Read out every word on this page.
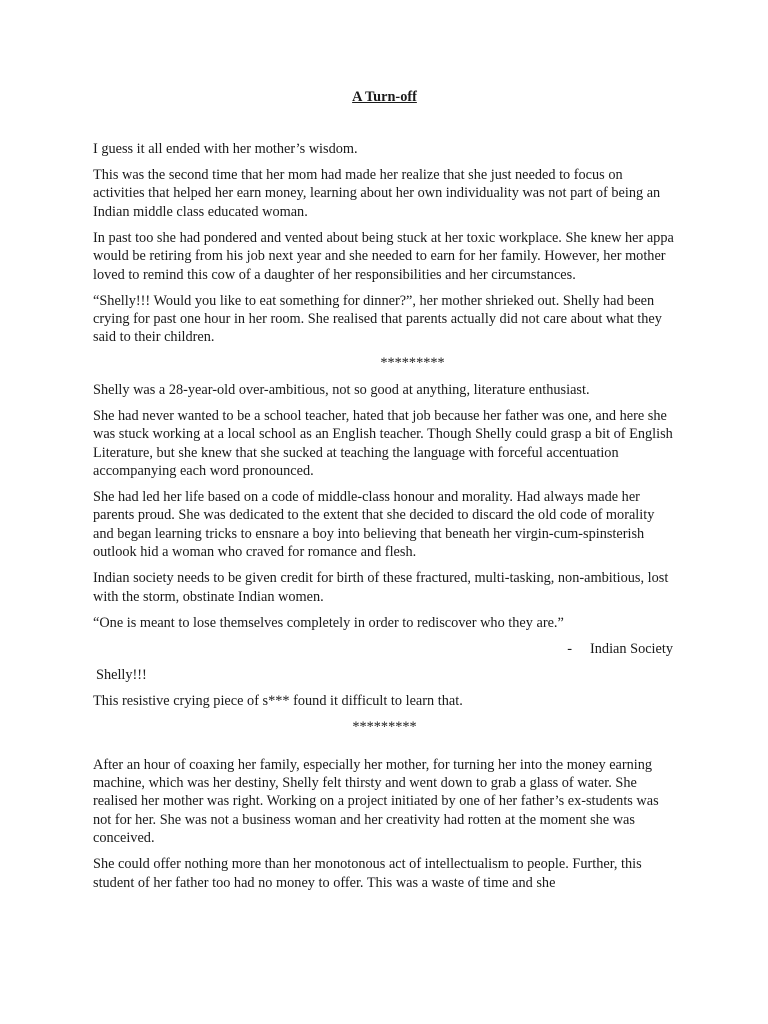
A Turn-off

I guess it all ended with her mother’s wisdom.

This was the second time that her mom had made her realize that she just needed to focus on activities that helped her earn money, learning about her own individuality was not part of being an Indian middle class educated woman.

In past too she had pondered and vented about being stuck at her toxic workplace. She knew her appa would be retiring from his job next year and she needed to earn for her family. However, her mother loved to remind this cow of a daughter of her responsibilities and her circumstances.

“Shelly!!! Would you like to eat something for dinner?”, her mother shrieked out. Shelly had been crying for past one hour in her room. She realised that parents actually did not care about what they said to their children.

*********

Shelly was a 28-year-old over-ambitious, not so good at anything, literature enthusiast.

She had never wanted to be a school teacher, hated that job because her father was one, and here she was stuck working at a local school as an English teacher. Though Shelly could grasp a bit of English Literature, but she knew that she sucked at teaching the language with forceful accentuation accompanying each word pronounced.

She had led her life based on a code of middle-class honour and morality. Had always made her parents proud. She was dedicated to the extent that she decided to discard the old code of morality and began learning tricks to ensnare a boy into believing that beneath her virgin-cum-spinsterish outlook hid a woman who craved for romance and flesh.

Indian society needs to be given credit for birth of these fractured, multi-tasking, non-ambitious, lost with the storm, obstinate Indian women.

“One is meant to lose themselves completely in order to rediscover who they are.”

- Indian Society

Shelly!!!

This resistive crying piece of s*** found it difficult to learn that.

*********

After an hour of coaxing her family, especially her mother, for turning her into the money earning machine, which was her destiny, Shelly felt thirsty and went down to grab a glass of water. She realised her mother was right. Working on a project initiated by one of her father’s ex-students was not for her. She was not a business woman and her creativity had rotten at the moment she was conceived.

She could offer nothing more than her monotonous act of intellectualism to people. Further, this student of her father too had no money to offer. This was a waste of time and she
